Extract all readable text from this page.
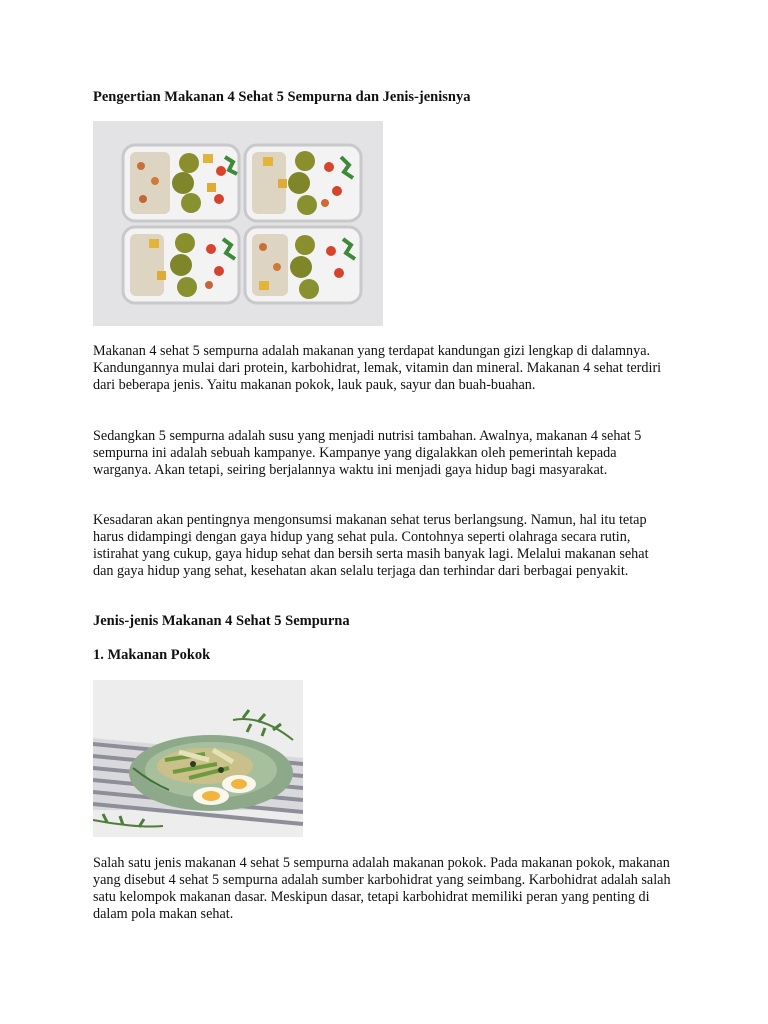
Pengertian Makanan 4 Sehat 5 Sempurna dan Jenis-jenisnya

Makanan 4 sehat 5 sempurna adalah makanan yang terdapat kandungan gizi lengkap di dalamnya. Kandungannya mulai dari protein, karbohidrat, lemak, vitamin dan mineral. Makanan 4 sehat terdiri dari beberapa jenis. Yaitu makanan pokok, lauk pauk, sayur dan buah-buahan.

Sedangkan 5 sempurna adalah susu yang menjadi nutrisi tambahan. Awalnya, makanan 4 sehat 5 sempurna ini adalah sebuah kampanye. Kampanye yang digalakkan oleh pemerintah kepada warganya. Akan tetapi, seiring berjalannya waktu ini menjadi gaya hidup bagi masyarakat.

Kesadaran akan pentingnya mengonsumsi makanan sehat terus berlangsung. Namun, hal itu tetap harus didampingi dengan gaya hidup yang sehat pula. Contohnya seperti olahraga secara rutin, istirahat yang cukup, gaya hidup sehat dan bersih serta masih banyak lagi. Melalui makanan sehat dan gaya hidup yang sehat, kesehatan akan selalu terjaga dan terhindar dari berbagai penyakit.

Jenis-jenis Makanan 4 Sehat 5 Sempurna
1. Makanan Pokok

Salah satu jenis makanan 4 sehat 5 sempurna adalah makanan pokok. Pada makanan pokok, makanan yang disebut 4 sehat 5 sempurna adalah sumber karbohidrat yang seimbang. Karbohidrat adalah salah satu kelompok makanan dasar. Meskipun dasar, tetapi karbohidrat memiliki peran yang penting di dalam pola makan sehat.
